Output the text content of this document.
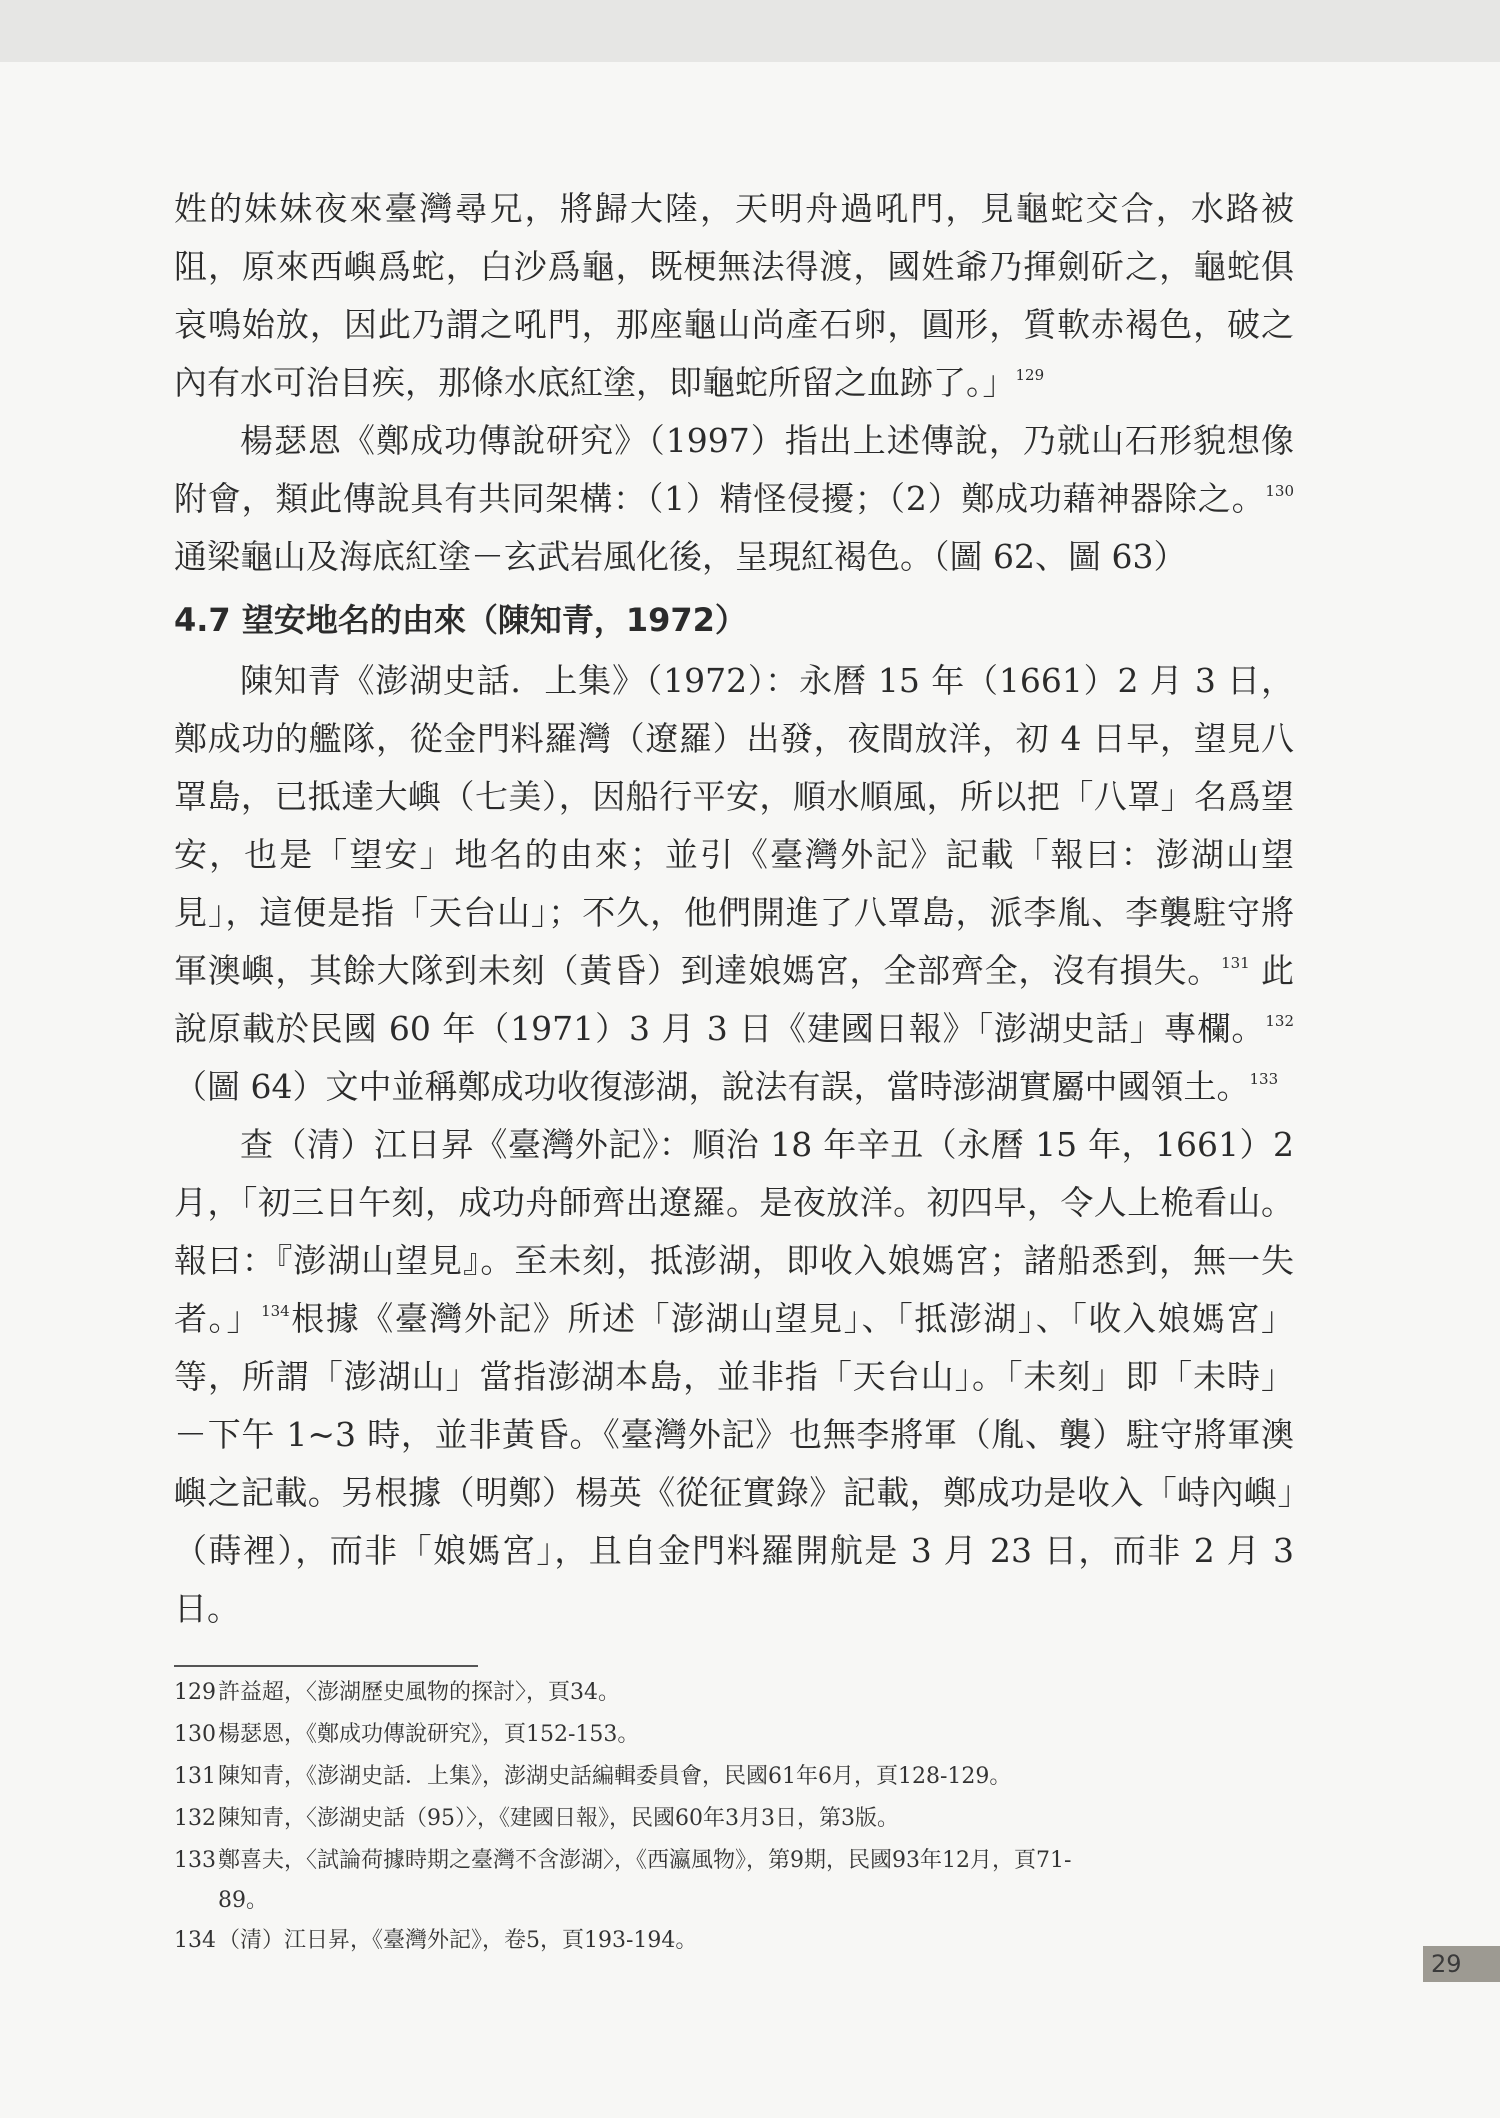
姓的妹妹夜來臺灣尋兄，將歸大陸，天明舟過吼門，見龜蛇交合，水路被阻，原來西嶼爲蛇，白沙爲龜，既梗無法得渡，國姓爺乃揮劍斫之，龜蛇俱哀鳴始放，因此乃謂之吼門，那座龜山尚產石卵，圓形，質軟赤褐色，破之內有水可治目疾，那條水底紅塗，即龜蛇所留之血跡了。」$^{129}$

楊瑟恩《鄭成功傳說研究》（1997）指出上述傳說，乃就山石形貌想像附會，類此傳說具有共同架構：（1）精怪侵擾；（2）鄭成功藉神器除之。$^{130}$通梁龜山及海底紅塗－玄武岩風化後，呈現紅褐色。（圖 62、圖 63）

4.7 望安地名的由來（陳知青，1972）

陳知青《澎湖史話．上集》（1972）：永曆 15 年（1661）2 月 3 日，鄭成功的艦隊，從金門料羅灣（遼羅）出發，夜間放洋，初 4 日早，望見八罩島，已抵達大嶼（七美），因船行平安，順水順風，所以把「八罩」名爲望安，也是「望安」地名的由來；並引《臺灣外記》記載「報曰：澎湖山望見」，這便是指「天台山」；不久，他們開進了八罩島，派李胤、李襲駐守將軍澳嶼，其餘大隊到未刻（黃昏）到達娘媽宮，全部齊全，沒有損失。$^{131}$ 此說原載於民國 60 年（1971）3 月 3 日《建國日報》「澎湖史話」專欄。$^{132}$（圖 64）文中並稱鄭成功收復澎湖，說法有誤，當時澎湖實屬中國領土。$^{133}$

查（清）江日昇《臺灣外記》：順治 18 年辛丑（永曆 15 年，1661）2 月，「初三日午刻，成功舟師齊出遼羅。是夜放洋。初四早，令人上桅看山。報曰：『澎湖山望見』。至未刻，抵澎湖，即收入娘媽宮；諸船悉到，無一失者。」$^{134}$根據《臺灣外記》所述「澎湖山望見」、「抵澎湖」、「收入娘媽宮」等，所謂「澎湖山」當指澎湖本島，並非指「天台山」。「未刻」即「未時」－下午 1~3 時，並非黃昏。《臺灣外記》也無李將軍（胤、襲）駐守將軍澳嶼之記載。另根據（明鄭）楊英《從征實錄》記載，鄭成功是收入「峙內嶼」（蒔裡），而非「娘媽宮」，且自金門料羅開航是 3 月 23 日，而非 2 月 3 日。

129許益超，〈澎湖歷史風物的探討〉，頁34。

130楊瑟恩，《鄭成功傳說研究》，頁152-153。

131陳知青，《澎湖史話．上集》，澎湖史話編輯委員會，民國61年6月，頁128-129。

132陳知青，〈澎湖史話（95）〉，《建國日報》，民國60年3月3日，第3版。

133鄭喜夫，〈試論荷據時期之臺灣不含澎湖〉，《西瀛風物》，第9期，民國93年12月，頁71-
89。

134（清）江日昇，《臺灣外記》，卷5，頁193-194。

29
